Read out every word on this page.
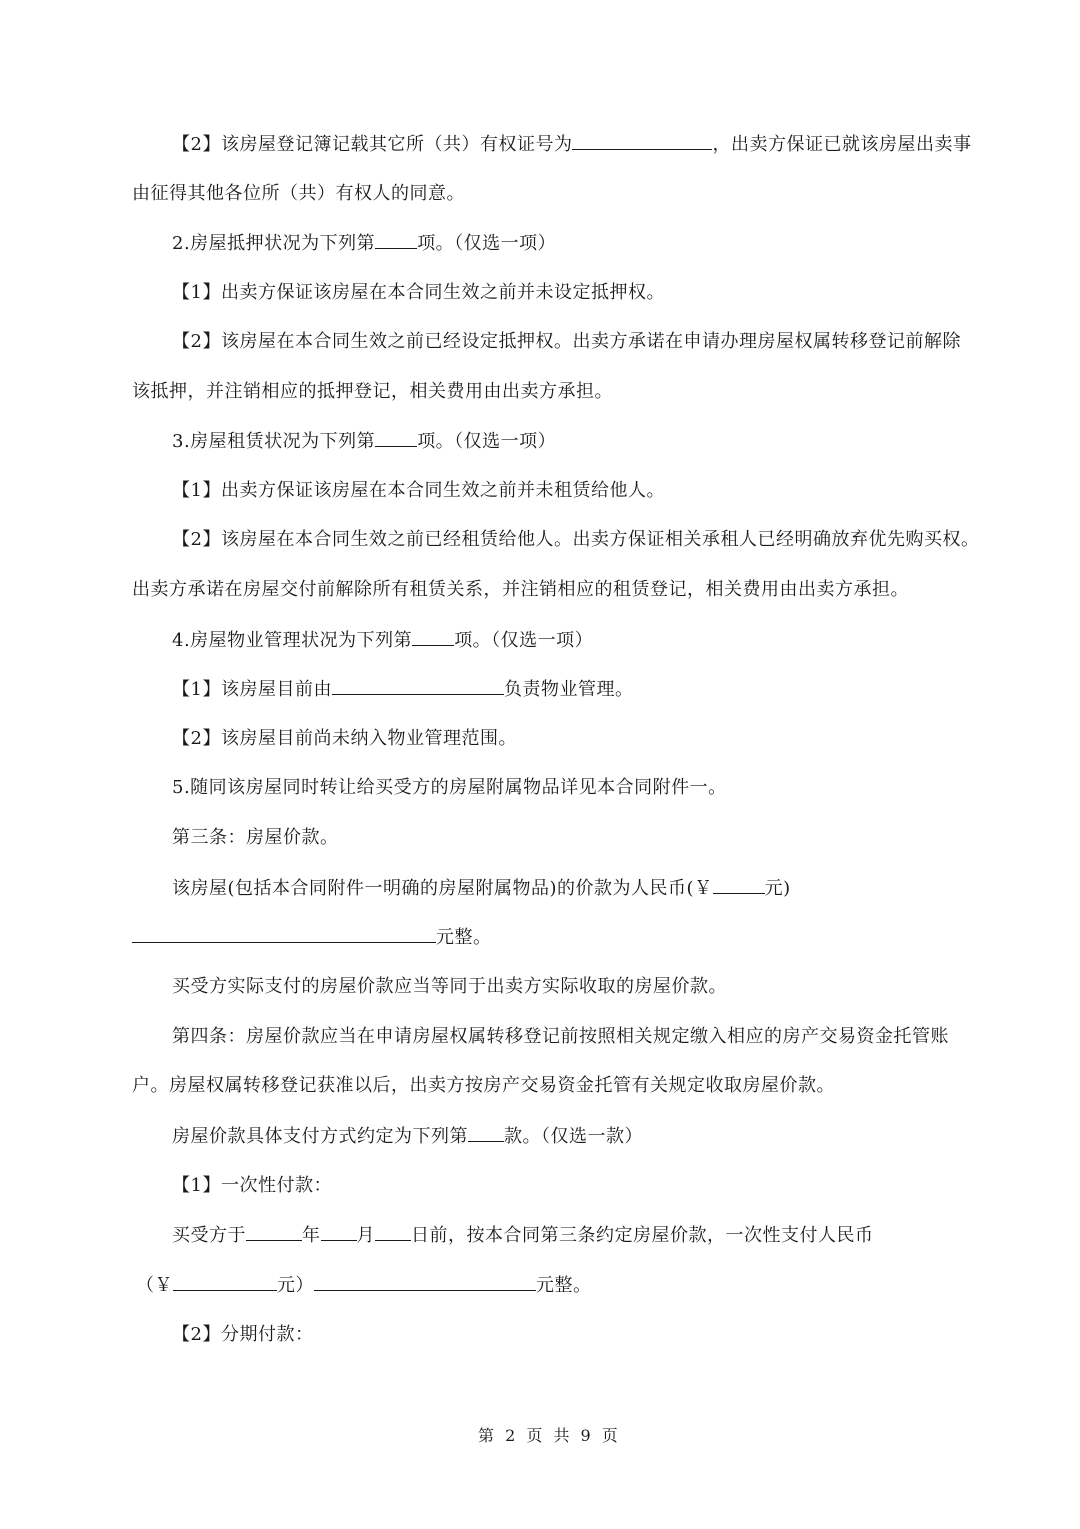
【2】该房屋登记簿记载其它所（共）有权证号为	，出卖方保证已就该房屋出卖事
由征得其他各位所（共）有权人的同意。
2.房屋抵押状况为下列第 项。（仅选一项）
【1】出卖方保证该房屋在本合同生效之前并未设定抵押权。
【2】该房屋在本合同生效之前已经设定抵押权。出卖方承诺在申请办理房屋权属转移登记前解除
该抵押，并注销相应的抵押登记，相关费用由出卖方承担。
3.房屋租赁状况为下列第 项。（仅选一项）
【1】出卖方保证该房屋在本合同生效之前并未租赁给他人。
【2】该房屋在本合同生效之前已经租赁给他人。出卖方保证相关承租人已经明确放弃优先购买权。
出卖方承诺在房屋交付前解除所有租赁关系，并注销相应的租赁登记，相关费用由出卖方承担。
4.房屋物业管理状况为下列第 项。（仅选一项）
【1】该房屋目前由	负责物业管理。
【2】该房屋目前尚未纳入物业管理范围。
5.随同该房屋同时转让给买受方的房屋附属物品详见本合同附件一。
第三条：房屋价款。
该房屋(包括本合同附件一明确的房屋附属物品)的价款为人民币(￥	元)
元整。
买受方实际支付的房屋价款应当等同于出卖方实际收取的房屋价款。
第四条：房屋价款应当在申请房屋权属转移登记前按照相关规定缴入相应的房产交易资金托管账
户。房屋权属转移登记获准以后，出卖方按房产交易资金托管有关规定收取房屋价款。
房屋价款具体支付方式约定为下列第 款。（仅选一款）
【1】一次性付款：
买受方于	年 月 日前，按本合同第三条约定房屋价款，一次性支付人民币
（￥	元）	元整。
【2】分期付款：
第 2 页 共 9 页
